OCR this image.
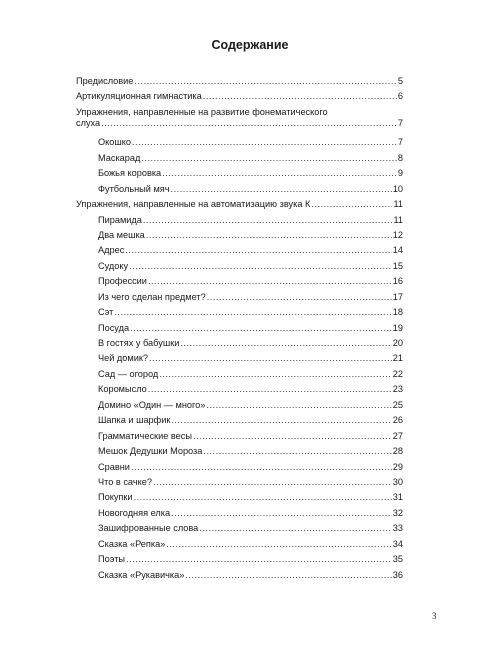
Содержание
Предисловие .....	5
Артикуляционная гимнастика .....	6
Упражнения, направленные на развитие фонематического
слуха .....	7
Окошко .....	7
Маскарад .....	8
Божья коровка .....	9
Футбольный мяч .....	10
Упражнения, направленные на автоматизацию звука К .....	11
Пирамида .....	11
Два мешка .....	12
Адрес .....	14
Судоку .....	15
Профессии .....	16
Из чего сделан предмет? .....	17
Сэт .....	18
Посуда .....	19
В гостях у бабушки .....	20
Чей домик? .....	21
Сад — огород .....	22
Коромысло .....	23
Домино «Один — много» .....	25
Шапка и шарфик .....	26
Грамматические весы .....	27
Мешок Дедушки Мороза .....	28
Сравни .....	29
Что в сачке? .....	30
Покупки .....	31
Новогодняя елка .....	32
Зашифрованные слова .....	33
Сказка «Репка» .....	34
Поэты .....	35
Сказка «Рукавичка» .....	36
3
